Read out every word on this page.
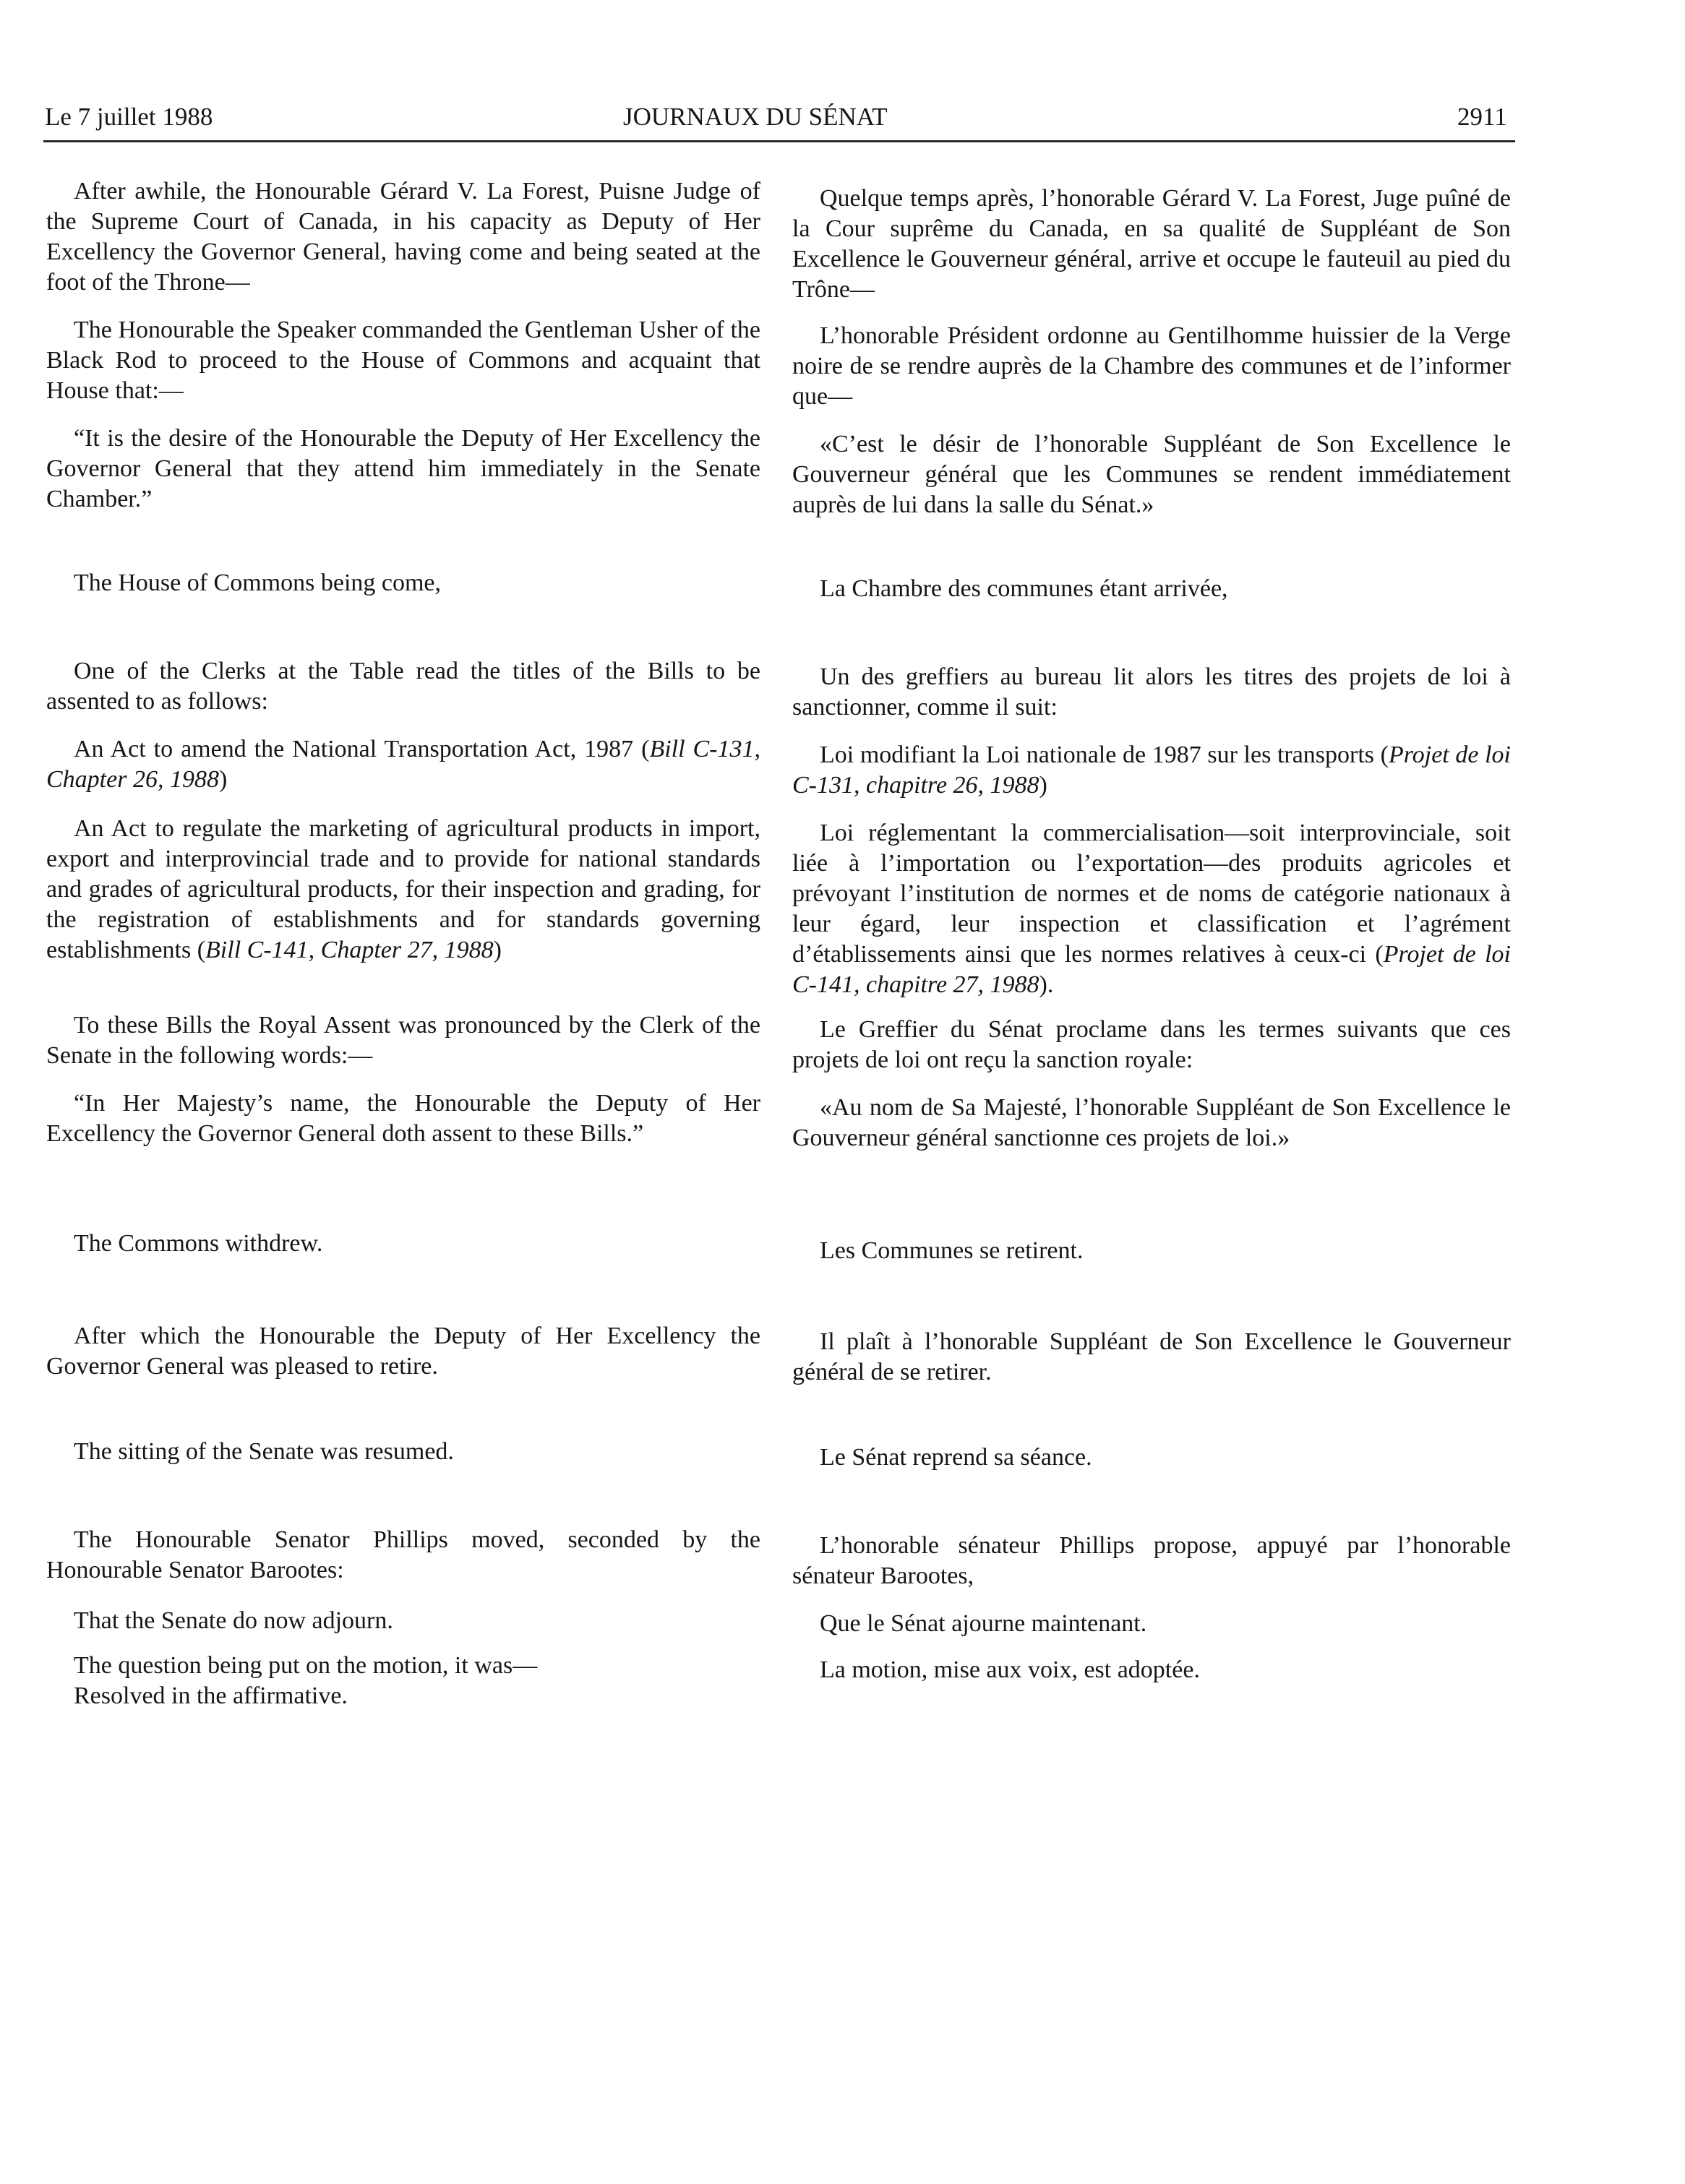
Le 7 juillet 1988	JOURNAUX DU SÉNAT	2911

After awhile, the Honourable Gérard V. La Forest, Puisne Judge of the Supreme Court of Canada, in his capacity as Deputy of Her Excellency the Governor General, having come and being seated at the foot of the Throne—

The Honourable the Speaker commanded the Gentleman Usher of the Black Rod to proceed to the House of Commons and acquaint that House that:—

“It is the desire of the Honourable the Deputy of Her Excellency the Governor General that they attend him immediately in the Senate Chamber.”

The House of Commons being come,

One of the Clerks at the Table read the titles of the Bills to be assented to as follows:

An Act to amend the National Transportation Act, 1987 (Bill C-131, Chapter 26, 1988)

An Act to regulate the marketing of agricultural products in import, export and interprovincial trade and to provide for national standards and grades of agricultural products, for their inspection and grading, for the registration of establishments and for standards governing establishments (Bill C-141, Chapter 27, 1988)

To these Bills the Royal Assent was pronounced by the Clerk of the Senate in the following words:—

“In Her Majesty’s name, the Honourable the Deputy of Her Excellency the Governor General doth assent to these Bills.”

The Commons withdrew.

After which the Honourable the Deputy of Her Excellency the Governor General was pleased to retire.

The sitting of the Senate was resumed.

The Honourable Senator Phillips moved, seconded by the Honourable Senator Barootes:

That the Senate do now adjourn.

The question being put on the motion, it was—
Resolved in the affirmative.

Quelque temps après, l’honorable Gérard V. La Forest, Juge puîné de la Cour suprême du Canada, en sa qualité de Suppléant de Son Excellence le Gouverneur général, arrive et occupe le fauteuil au pied du Trône—

L’honorable Président ordonne au Gentilhomme huissier de la Verge noire de se rendre auprès de la Chambre des communes et de l’informer que—

«C’est le désir de l’honorable Suppléant de Son Excellence le Gouverneur général que les Communes se rendent immédiatement auprès de lui dans la salle du Sénat.»

La Chambre des communes étant arrivée,

Un des greffiers au bureau lit alors les titres des projets de loi à sanctionner, comme il suit:

Loi modifiant la Loi nationale de 1987 sur les transports (Projet de loi C-131, chapitre 26, 1988)

Loi réglementant la commercialisation—soit interprovinciale, soit liée à l’importation ou l’exportation—des produits agricoles et prévoyant l’institution de normes et de noms de catégorie nationaux à leur égard, leur inspection et classification et l’agrément d’établissements ainsi que les normes relatives à ceux-ci (Projet de loi C-141, chapitre 27, 1988).

Le Greffier du Sénat proclame dans les termes suivants que ces projets de loi ont reçu la sanction royale:

«Au nom de Sa Majesté, l’honorable Suppléant de Son Excellence le Gouverneur général sanctionne ces projets de loi.»

Les Communes se retirent.

Il plaît à l’honorable Suppléant de Son Excellence le Gouverneur général de se retirer.

Le Sénat reprend sa séance.

L’honorable sénateur Phillips propose, appuyé par l’honorable sénateur Barootes,

Que le Sénat ajourne maintenant.

La motion, mise aux voix, est adoptée.
